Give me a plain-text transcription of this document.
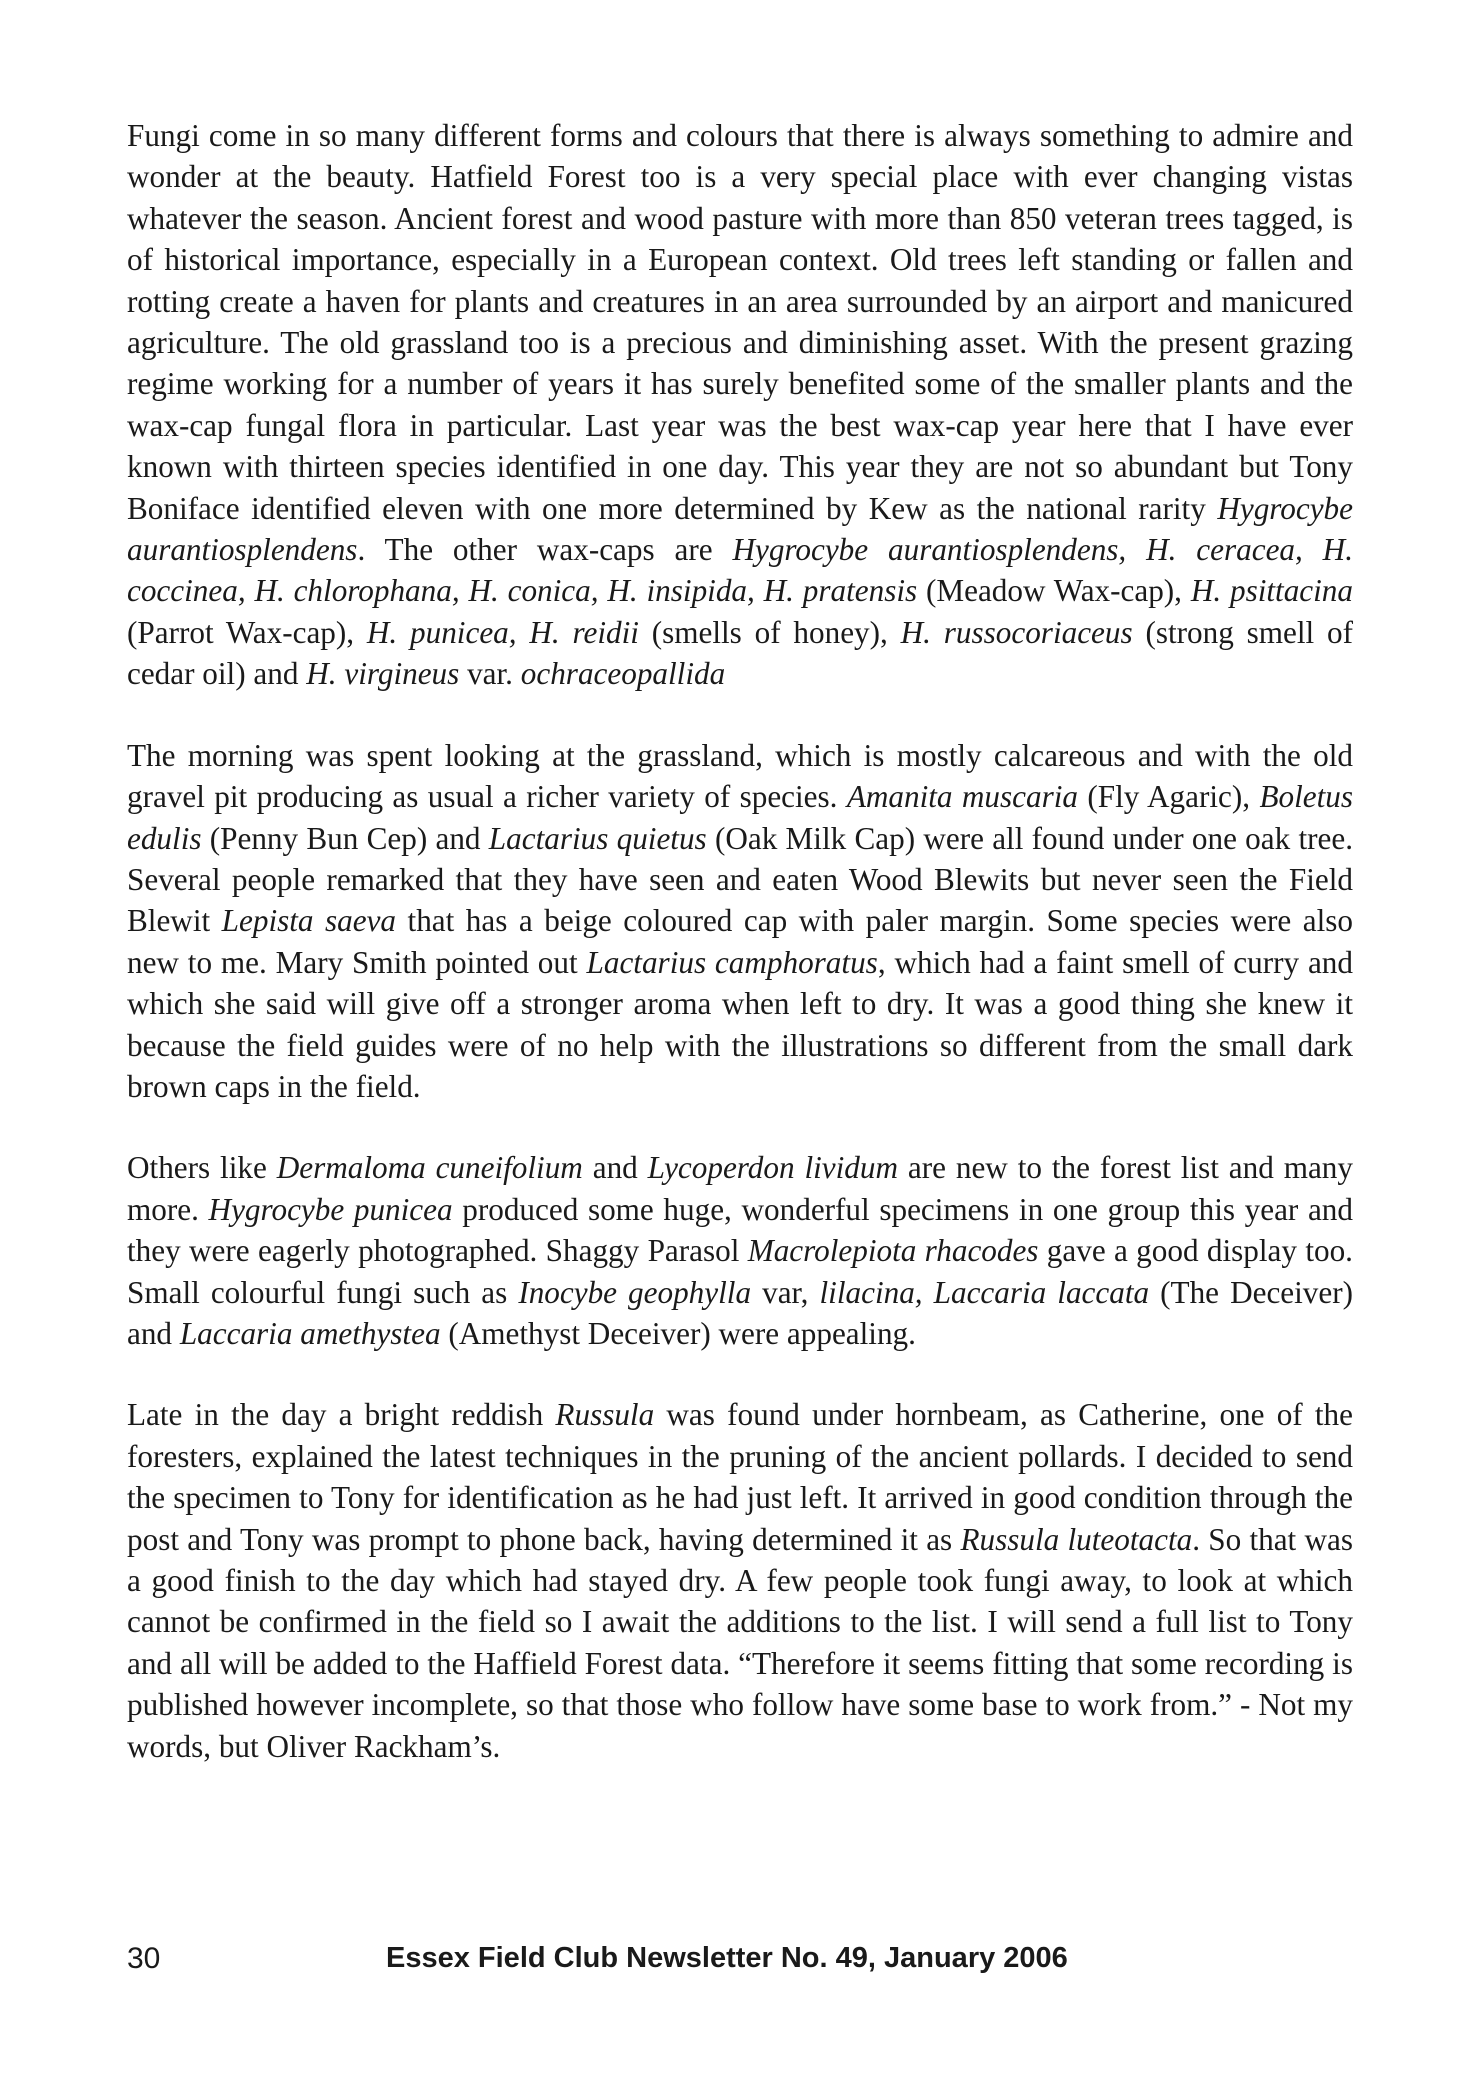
Fungi come in so many different forms and colours that there is always something to admire and wonder at the beauty. Hatfield Forest too is a very special place with ever changing vistas whatever the season. Ancient forest and wood pasture with more than 850 veteran trees tagged, is of historical importance, especially in a European context. Old trees left standing or fallen and rotting create a haven for plants and creatures in an area surrounded by an airport and manicured agriculture. The old grassland too is a precious and diminishing asset. With the present grazing regime working for a number of years it has surely benefited some of the smaller plants and the wax-cap fungal flora in particular. Last year was the best wax-cap year here that I have ever known with thirteen species identified in one day. This year they are not so abundant but Tony Boniface identified eleven with one more determined by Kew as the national rarity Hygrocybe aurantiosplendens. The other wax-caps are Hygrocybe aurantiosplendens, H. ceracea, H. coccinea, H. chlorophana, H. conica, H. insipida, H. pratensis (Meadow Wax-cap), H. psittacina (Parrot Wax-cap), H. punicea, H. reidii (smells of honey), H. russocoriaceus (strong smell of cedar oil) and H. virgineus var. ochraceopallida

The morning was spent looking at the grassland, which is mostly calcareous and with the old gravel pit producing as usual a richer variety of species. Amanita muscaria (Fly Agaric), Boletus edulis (Penny Bun Cep) and Lactarius quietus (Oak Milk Cap) were all found under one oak tree. Several people remarked that they have seen and eaten Wood Blewits but never seen the Field Blewit Lepista saeva that has a beige coloured cap with paler margin. Some species were also new to me. Mary Smith pointed out Lactarius camphoratus, which had a faint smell of curry and which she said will give off a stronger aroma when left to dry. It was a good thing she knew it because the field guides were of no help with the illustrations so different from the small dark brown caps in the field.

Others like Dermaloma cuneifolium and Lycoperdon lividum are new to the forest list and many more. Hygrocybe punicea produced some huge, wonderful specimens in one group this year and they were eagerly photographed. Shaggy Parasol Macrolepiota rhacodes gave a good display too. Small colourful fungi such as Inocybe geophylla var, lilacina, Laccaria laccata (The Deceiver) and Laccaria amethystea (Amethyst Deceiver) were appealing.

Late in the day a bright reddish Russula was found under hornbeam, as Catherine, one of the foresters, explained the latest techniques in the pruning of the ancient pollards. I decided to send the specimen to Tony for identification as he had just left. It arrived in good condition through the post and Tony was prompt to phone back, having determined it as Russula luteotacta. So that was a good finish to the day which had stayed dry. A few people took fungi away, to look at which cannot be confirmed in the field so I await the additions to the list. I will send a full list to Tony and all will be added to the Haffield Forest data. “Therefore it seems fitting that some recording is published however incomplete, so that those who follow have some base to work from.” - Not my words, but Oliver Rackham’s.

30	Essex Field Club Newsletter No. 49, January 2006
